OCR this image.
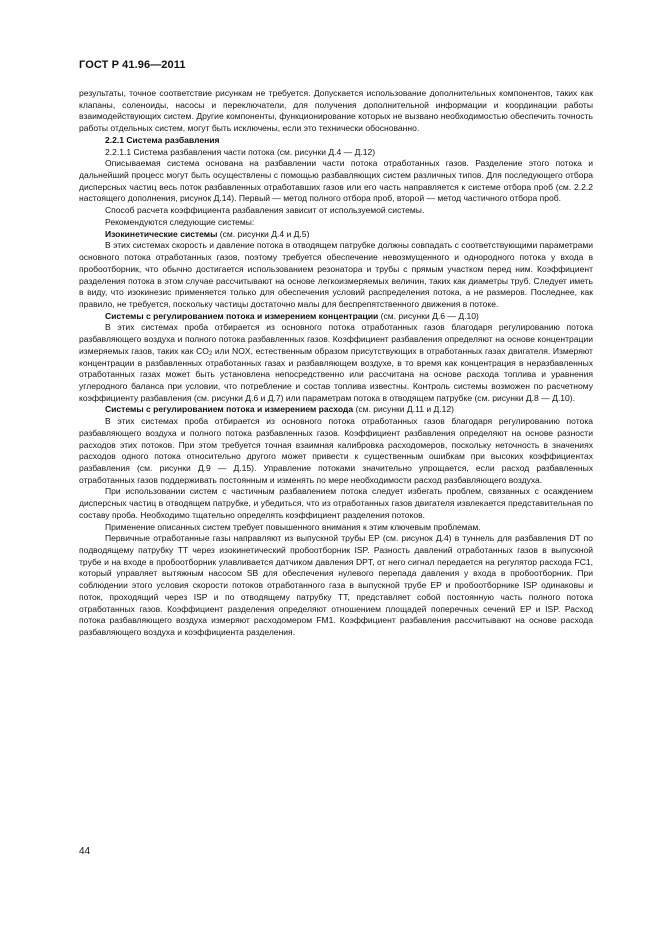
ГОСТ Р 41.96—2011

результаты, точное соответствие рисункам не требуется. Допускается использование дополнительных компонентов, таких как клапаны, соленоиды, насосы и переключатели, для получения дополнительной информации и координации работы взаимодействующих систем. Другие компоненты, функционирование которых не вызвано необходимостью обеспечить точность работы отдельных систем, могут быть исключены, если это технически обоснованно.

2.2.1 Система разбавления

2.2.1.1 Система разбавления части потока (см. рисунки Д.4 — Д.12)

Описываемая система основана на разбавлении части потока отработанных газов. Разделение этого потока и дальнейший процесс могут быть осуществлены с помощью разбавляющих систем различных типов. Для последующего отбора дисперсных частиц весь поток разбавленных отработавших газов или его часть направляется к системе отбора проб (см. 2.2.2 настоящего дополнения, рисунок Д.14). Первый — метод полного отбора проб, второй — метод частичного отбора проб.

Способ расчета коэффициента разбавления зависит от используемой системы.

Рекомендуются следующие системы:

Изокинетические системы (см. рисунки Д.4 и Д.5)

В этих системах скорость и давление потока в отводящем патрубке должны совпадать с соответствующими параметрами основного потока отработанных газов, поэтому требуется обеспечение невозмущенного и однородного потока у входа в пробоотборник, что обычно достигается использованием резонатора и трубы с прямым участком перед ним. Коэффициент разделения потока в этом случае рассчитывают на основе легкоизмеряемых величин, таких как диаметры труб. Следует иметь в виду, что изокинезис применяется только для обеспечения условий распределения потока, а не размеров. Последнее, как правило, не требуется, поскольку частицы достаточно малы для беспрепятственного движения в потоке.

Системы с регулированием потока и измерением концентрации (см. рисунки Д.6 — Д.10)

В этих системах проба отбирается из основного потока отработанных газов благодаря регулированию потока разбавляющего воздуха и полного потока разбавленных газов. Коэффициент разбавления определяют на основе концентрации измеряемых газов, таких как $CO_2$ или NOX, естественным образом присутствующих в отработанных газах двигателя. Измеряют концентрации в разбавленных отработанных газах и разбавляющем воздухе, в то время как концентрация в неразбавленных отработанных газах может быть установлена непосредственно или рассчитана на основе расхода топлива и уравнения углеродного баланса при условии, что потребление и состав топлива известны. Контроль системы возможен по расчетному коэффициенту разбавления (см. рисунки Д.6 и Д.7) или параметрам потока в отводящем патрубке (см. рисунки Д.8 — Д.10).

Системы с регулированием потока и измерением расхода (см. рисунки Д.11 и Д.12)

В этих системах проба отбирается из основного потока отработанных газов благодаря регулированию потока разбавляющего воздуха и полного потока разбавленных газов. Коэффициент разбавления определяют на основе разности расходов этих потоков. При этом требуется точная взаимная калибровка расходомеров, поскольку неточность в значениях расходов одного потока относительно другого может привести к существенным ошибкам при высоких коэффициентах разбавления (см. рисунки Д.9 — Д.15). Управление потоками значительно упрощается, если расход разбавленных отработанных газов поддерживать постоянным и изменять по мере необходимости расход разбавляющего воздуха.

При использовании систем с частичным разбавлением потока следует избегать проблем, связанных с осаждением дисперсных частиц в отводящем патрубке, и убедиться, что из отработанных газов двигателя извлекается представительная по составу проба. Необходимо тщательно определять коэффициент разделения потоков.

Применение описанных систем требует повышенного внимания к этим ключевым проблемам.

Первичные отработанные газы направляют из выпускной трубы EP (см. рисунок Д.4) в туннель для разбавления DT по подводящему патрубку TT через изокинетический пробоотборник ISP. Разность давлений отработанных газов в выпускной трубе и на входе в пробоотборник улавливается датчиком давления DPT, от него сигнал передается на регулятор расхода FC1, который управляет вытяжным насосом SB для обеспечения нулевого перепада давления у входа в пробоотборник. При соблюдении этого условия скорости потоков отработанного газа в выпускной трубе EP и пробоотборнике ISP одинаковы и поток, проходящий через ISP и по отводящему патрубку TT, представляет собой постоянную часть полного потока отработанных газов. Коэффициент разделения определяют отношением площадей поперечных сечений EP и ISP. Расход потока разбавляющего воздуха измеряют расходомером FM1. Коэффициент разбавления рассчитывают на основе расхода разбавляющего воздуха и коэффициента разделения.

44
